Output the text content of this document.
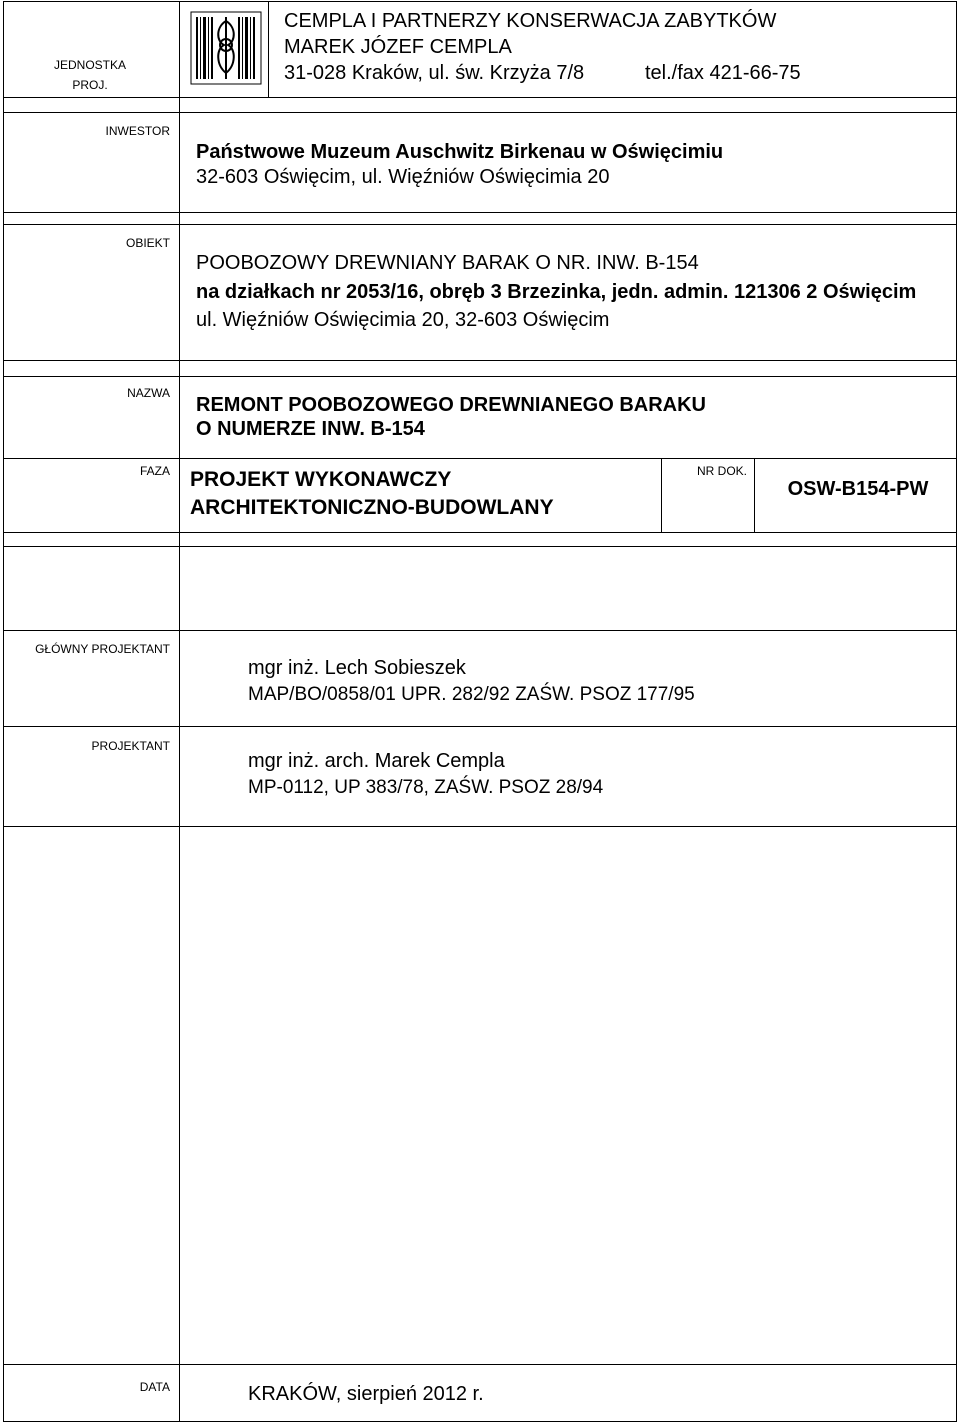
JEDNOSTKA
PROJ.
CEMPLA I PARTNERZY KONSERWACJA ZABYTKÓW
MAREK JÓZEF CEMPLA
31-028 Kraków, ul. św. Krzyża 7/8	tel./fax 421-66-75
INWESTOR
Państwowe Muzeum Auschwitz Birkenau w Oświęcimiu
32-603 Oświęcim, ul. Więźniów Oświęcimia 20
OBIEKT
POOBOZOWY DREWNIANY BARAK O NR. INW. B-154
na działkach nr 2053/16, obręb 3 Brzezinka, jedn. admin. 121306 2 Oświęcim
ul. Więźniów Oświęcimia 20, 32-603 Oświęcim
NAZWA
REMONT POOBOZOWEGO DREWNIANEGO BARAKU
O NUMERZE INW. B-154
FAZA PROJEKT WYKONAWCZY
ARCHITEKTONICZNO-BUDOWLANY
NR DOK.
OSW-B154-PW
GŁÓWNY PROJEKTANT
mgr inż. Lech Sobieszek
MAP/BO/0858/01 UPR. 282/92 ZAŚW. PSOZ 177/95
PROJEKTANT
mgr inż. arch. Marek Cempla
MP-0112, UP 383/78, ZAŚW. PSOZ 28/94
DATA	KRAKÓW, sierpień 2012 r.
